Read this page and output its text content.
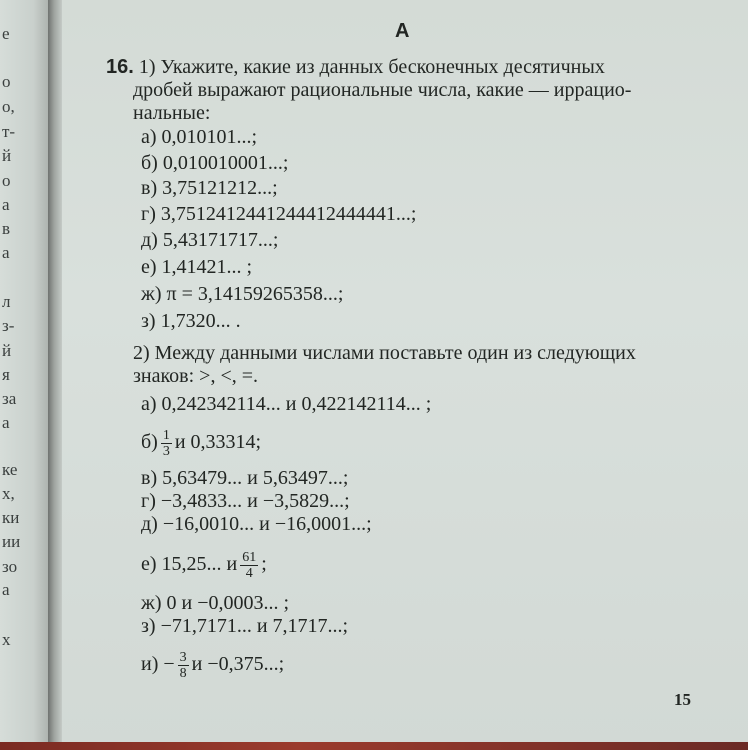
е
о
о,
т-
й
о
а
в
а
л
з-
й
я
за
а
ке
х,
ки
ии
зо
а
х
А
16. 1) Укажите, какие из данных бесконечных десятичных
дробей выражают рациональные числа, какие — иррацио-
нальные:
а) 0,010101...;
б) 0,010010001...;
в) 3,75121212...;
г) 3,7512412441244412444441...;
д) 5,43171717...;
е) 1,41421... ;
ж) π = 3,14159265358...;
з) 1,7320... .
2) Между данными числами поставьте один из следующих
знаков: >, <, =.
а) 0,242342114... и 0,422142114... ;
$б) \frac{1}{3}$ и 0,33314;
в) 5,63479... и 5,63497...;
г) −3,4833... и −3,5829...;
д) −16,0010... и −16,0001...;
е) 15,25... и $\frac{61}{4}$ ;
ж) 0 и −0,0003... ;
з) −71,7171... и 7,1717...;
$и) - \frac{3}{8}$ и −0,375...;
15
